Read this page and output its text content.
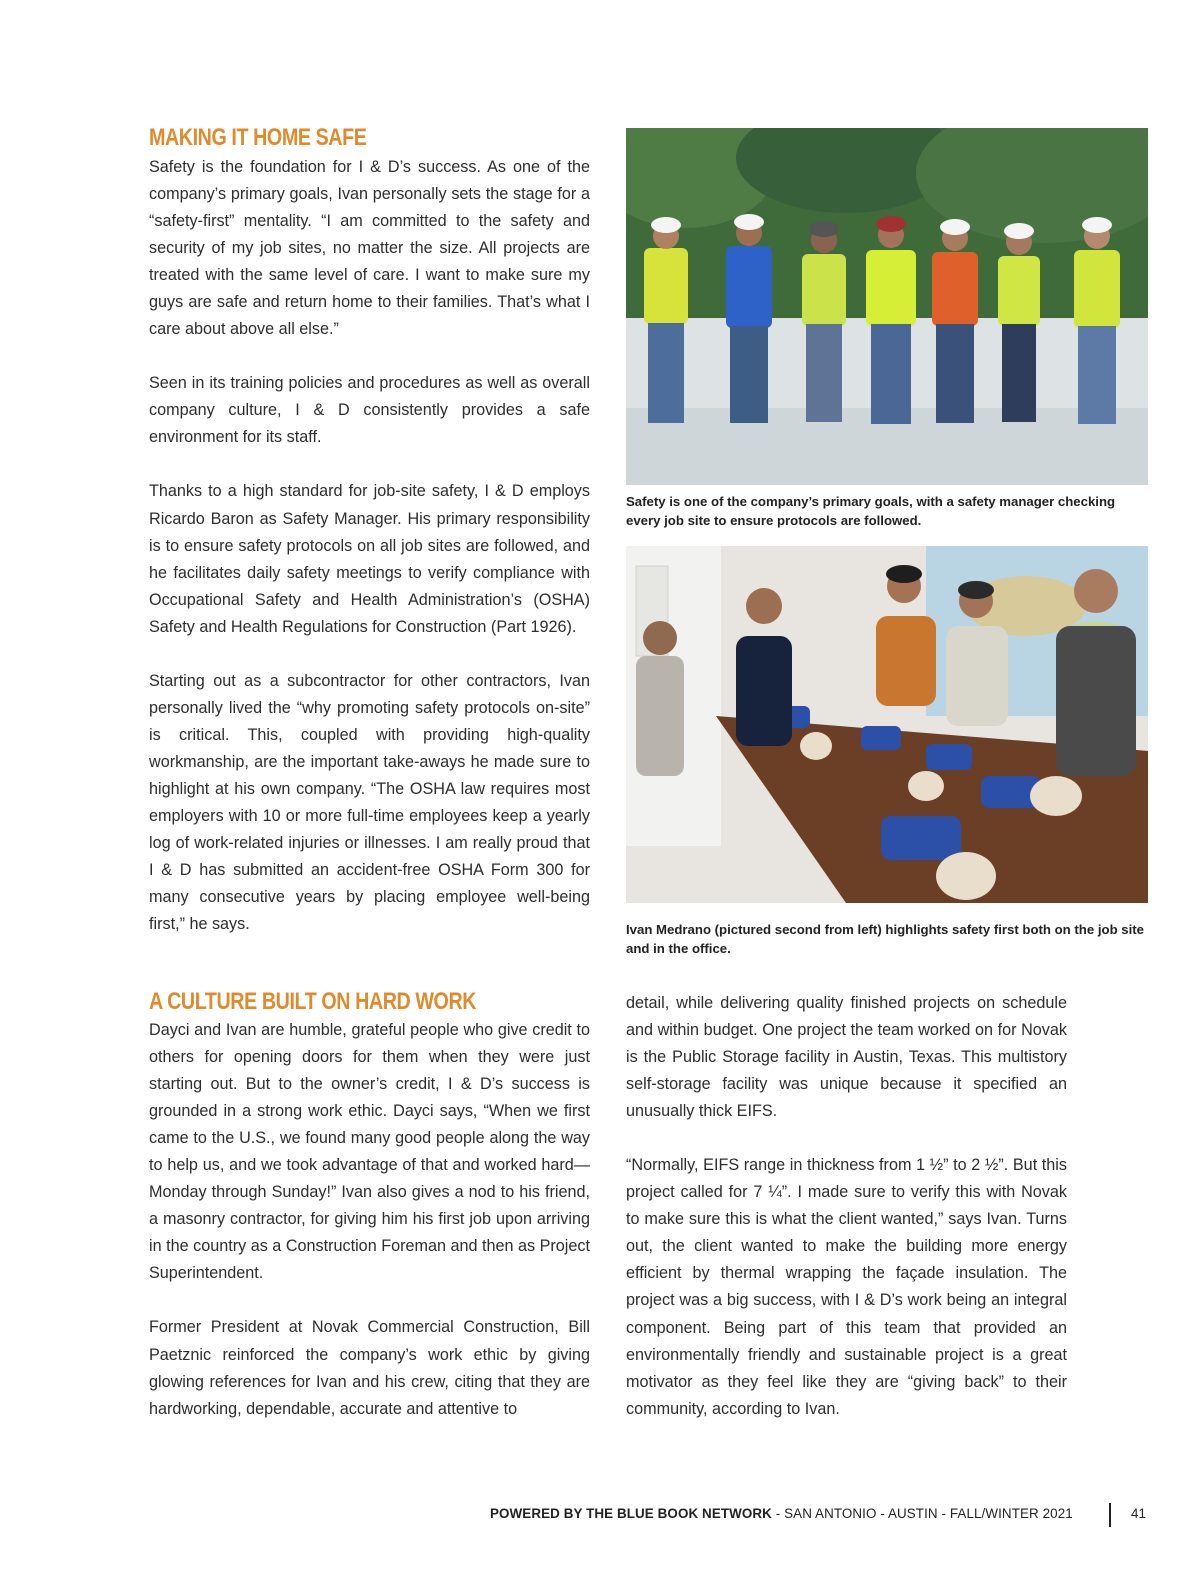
MAKING IT HOME SAFE

Safety is the foundation for I & D’s success. As one of the company’s primary goals, Ivan personally sets the stage for a “safety-first” mentality. “I am committed to the safety and security of my job sites, no matter the size. All projects are treated with the same level of care. I want to make sure my guys are safe and return home to their families. That’s what I care about above all else.”

Seen in its training policies and procedures as well as overall company culture, I & D consistently provides a safe environment for its staff.

Thanks to a high standard for job-site safety, I & D employs Ricardo Baron as Safety Manager. His primary responsibility is to ensure safety protocols on all job sites are followed, and he facilitates daily safety meetings to verify compliance with Occupational Safety and Health Administration’s (OSHA) Safety and Health Regulations for Construction (Part 1926).

Starting out as a subcontractor for other contractors, Ivan personally lived the “why promoting safety protocols on-site” is critical. This, coupled with providing high-quality workmanship, are the important take-aways he made sure to highlight at his own company. “The OSHA law requires most employers with 10 or more full-time employees keep a yearly log of work-related injuries or illnesses. I am really proud that I & D has submitted an accident-free OSHA Form 300 for many consecutive years by placing employee well-being first,” he says.

A CULTURE BUILT ON HARD WORK

Dayci and Ivan are humble, grateful people who give credit to others for opening doors for them when they were just starting out. But to the owner’s credit, I & D’s success is grounded in a strong work ethic. Dayci says, “When we first came to the U.S., we found many good people along the way to help us, and we took advantage of that and worked hard—Monday through Sunday!” Ivan also gives a nod to his friend, a masonry contractor, for giving him his first job upon arriving in the country as a Construction Foreman and then as Project Superintendent.

Former President at Novak Commercial Construction, Bill Paetznic reinforced the company’s work ethic by giving glowing references for Ivan and his crew, citing that they are hardworking, dependable, accurate and attentive to

detail, while delivering quality finished projects on schedule and within budget. One project the team worked on for Novak is the Public Storage facility in Austin, Texas. This multistory self-storage facility was unique because it specified an unusually thick EIFS.

“Normally, EIFS range in thickness from 1 ½” to 2 ½”. But this project called for 7 ¼”. I made sure to verify this with Novak to make sure this is what the client wanted,” says Ivan. Turns out, the client wanted to make the building more energy efficient by thermal wrapping the façade insulation. The project was a big success, with I & D’s work being an integral component. Being part of this team that provided an environmentally friendly and sustainable project is a great motivator as they feel like they are “giving back” to their community, according to Ivan.

Safety is one of the company’s primary goals, with a safety manager checking every job site to ensure protocols are followed.

Ivan Medrano (pictured second from left) highlights safety first both on the job site and in the office.

POWERED BY THE BLUE BOOK NETWORK - SAN ANTONIO - AUSTIN - FALL/WINTER 2021	41
